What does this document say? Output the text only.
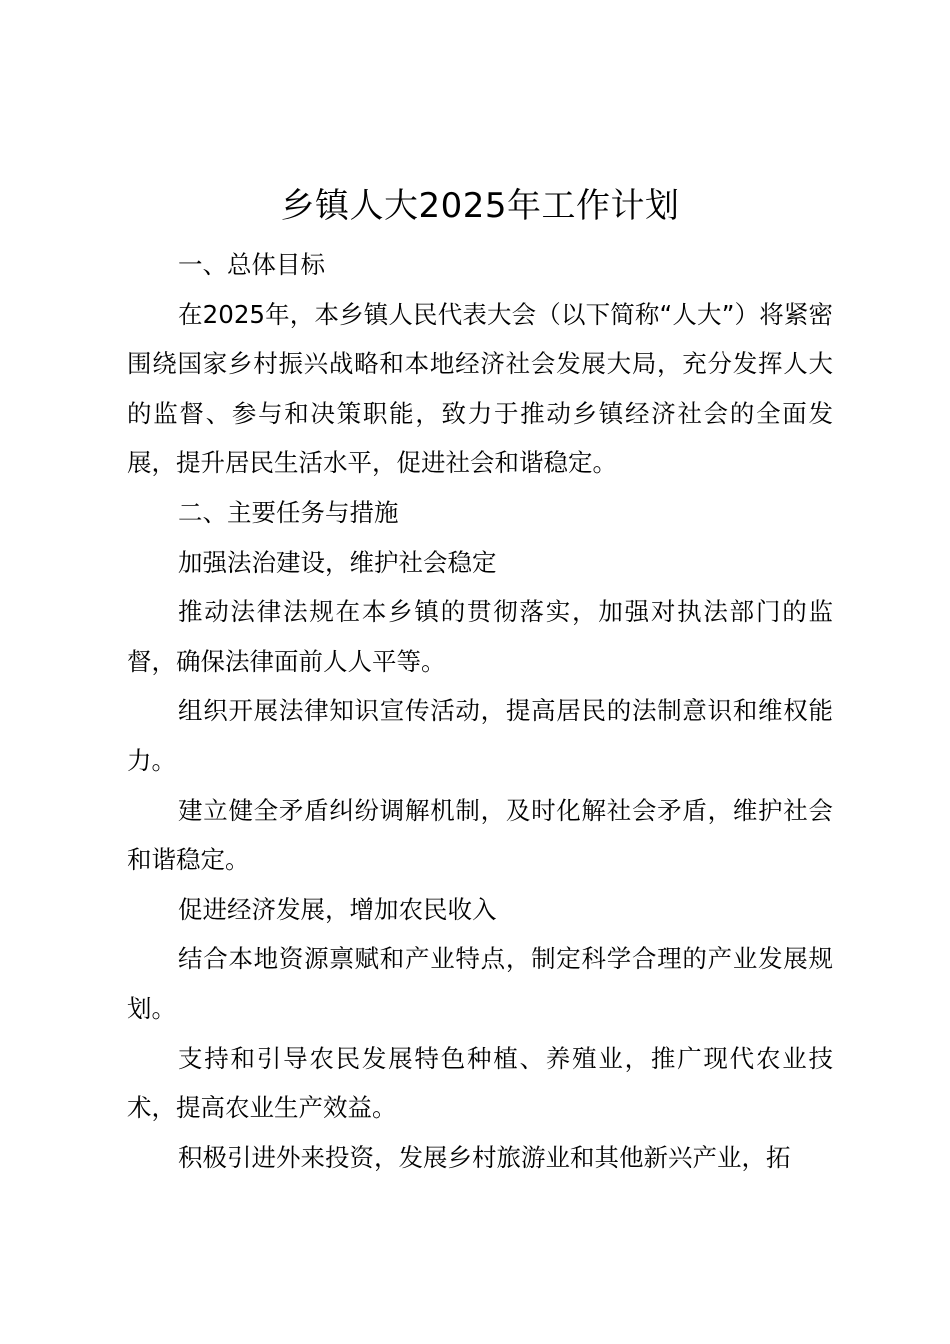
乡镇人大2025年工作计划

一、总体目标

在2025年，本乡镇人民代表大会（以下简称“人大”）将紧密围绕国家乡村振兴战略和本地经济社会发展大局，充分发挥人大的监督、参与和决策职能，致力于推动乡镇经济社会的全面发展，提升居民生活水平，促进社会和谐稳定。

二、主要任务与措施

加强法治建设，维护社会稳定

推动法律法规在本乡镇的贯彻落实，加强对执法部门的监督，确保法律面前人人平等。

组织开展法律知识宣传活动，提高居民的法制意识和维权能力。

建立健全矛盾纠纷调解机制，及时化解社会矛盾，维护社会和谐稳定。

促进经济发展，增加农民收入

结合本地资源禀赋和产业特点，制定科学合理的产业发展规划。

支持和引导农民发展特色种植、养殖业，推广现代农业技术，提高农业生产效益。

积极引进外来投资，发展乡村旅游业和其他新兴产业，拓
